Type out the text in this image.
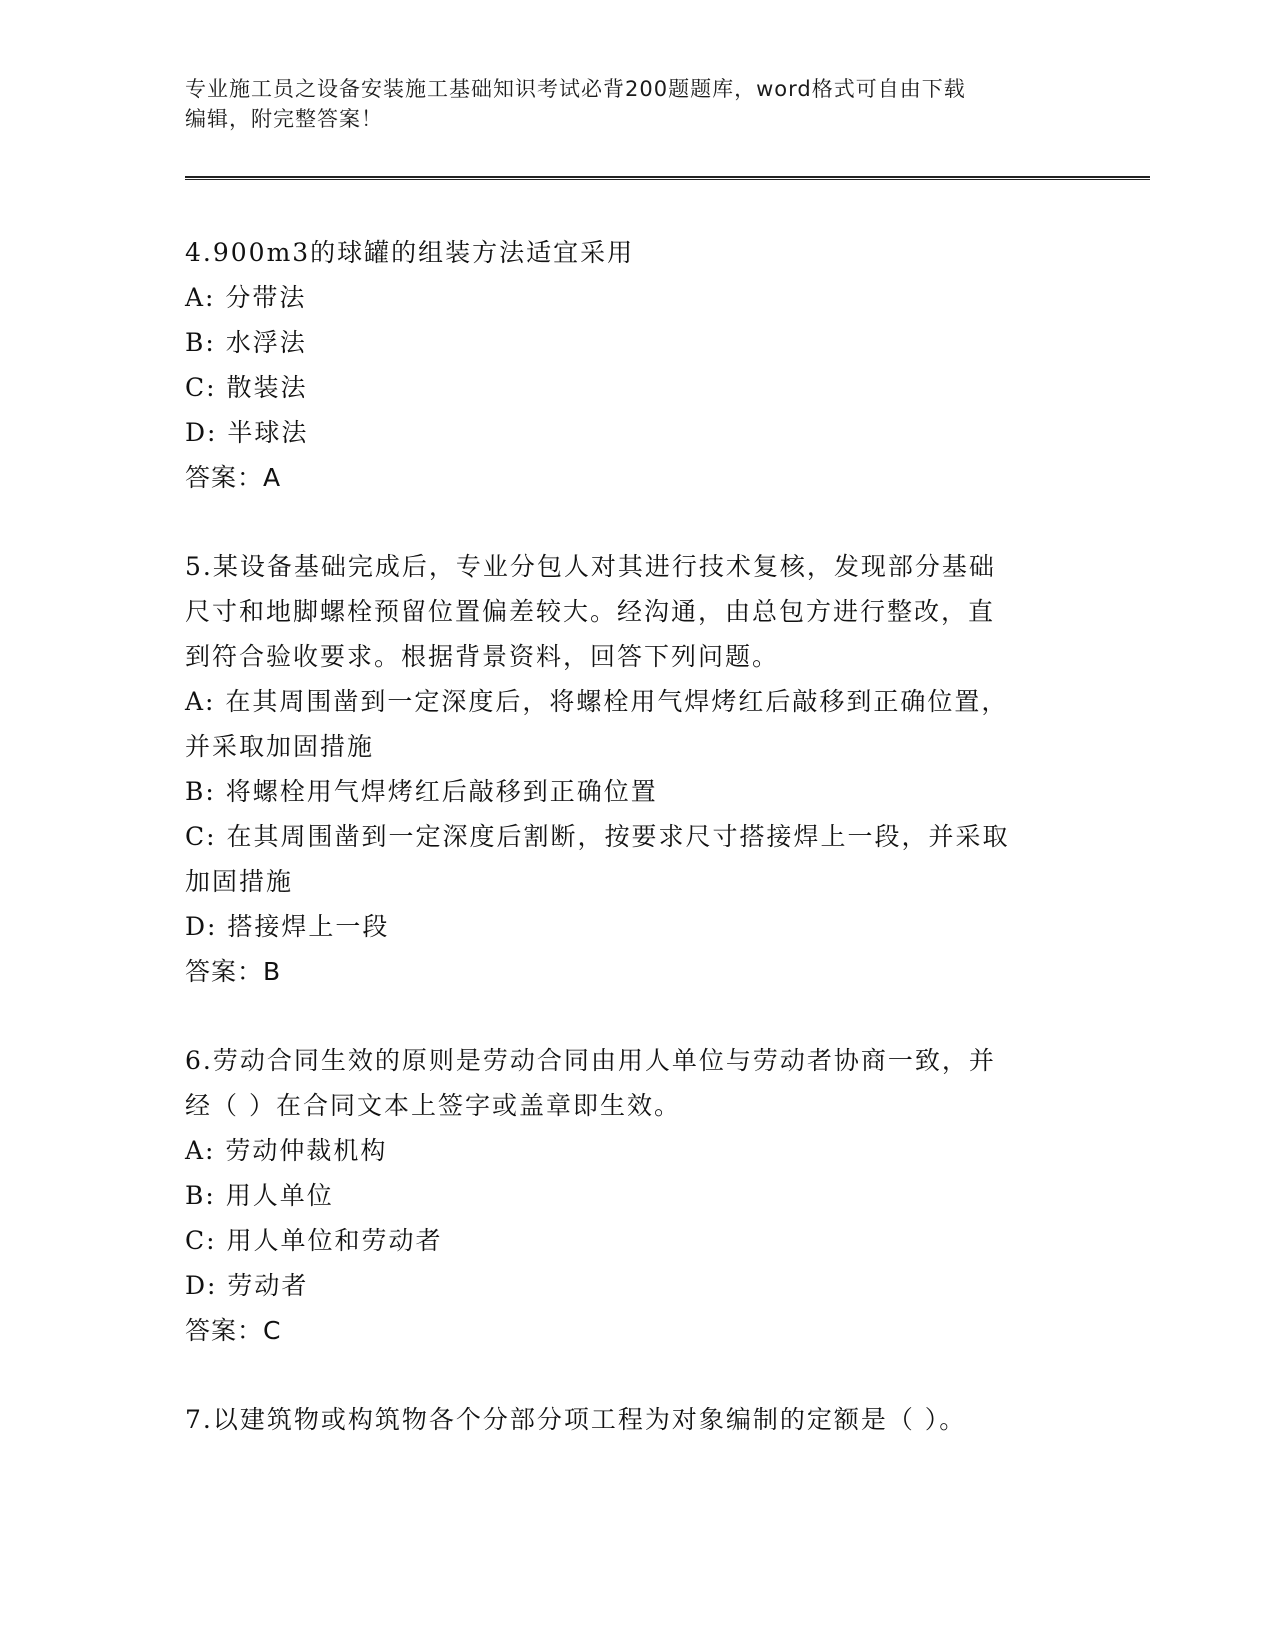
专业施工员之设备安装施工基础知识考试必背200题题库，word格式可自由下载
编辑，附完整答案！
4.900m3的球罐的组装方法适宜采用
A: 分带法
B: 水浮法
C: 散装法
D: 半球法
答案：A
5.某设备基础完成后，专业分包人对其进行技术复核，发现部分基础
尺寸和地脚螺栓预留位置偏差较大。经沟通，由总包方进行整改，直
到符合验收要求。根据背景资料，回答下列问题。
A: 在其周围凿到一定深度后，将螺栓用气焊烤红后敲移到正确位置，
并采取加固措施
B: 将螺栓用气焊烤红后敲移到正确位置
C: 在其周围凿到一定深度后割断，按要求尺寸搭接焊上一段，并采取
加固措施
D: 搭接焊上一段
答案：B
6.劳动合同生效的原则是劳动合同由用人单位与劳动者协商一致，并
经（ ）在合同文本上签字或盖章即生效。
A: 劳动仲裁机构
B: 用人单位
C: 用人单位和劳动者
D: 劳动者
答案：C
7.以建筑物或构筑物各个分部分项工程为对象编制的定额是（ ）。
